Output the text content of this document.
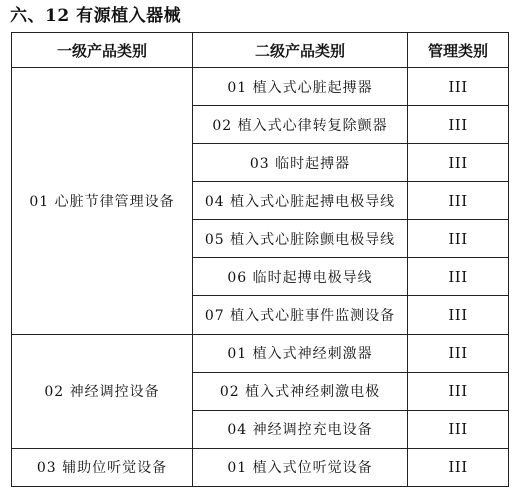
六、12 有源植入器械
一级产品类别	二级产品类别	管理类别
01 心脏节律管理设备	01 植入式心脏起搏器	III
	02 植入式心律转复除颤器	III
	03 临时起搏器	III
	04 植入式心脏起搏电极导线	III
	05 植入式心脏除颤电极导线	III
	06 临时起搏电极导线	III
	07 植入式心脏事件监测设备	III
02 神经调控设备	01 植入式神经刺激器	III
	02 植入式神经刺激电极	III
	04 神经调控充电设备	III
03 辅助位听觉设备	01 植入式位听觉设备	III
